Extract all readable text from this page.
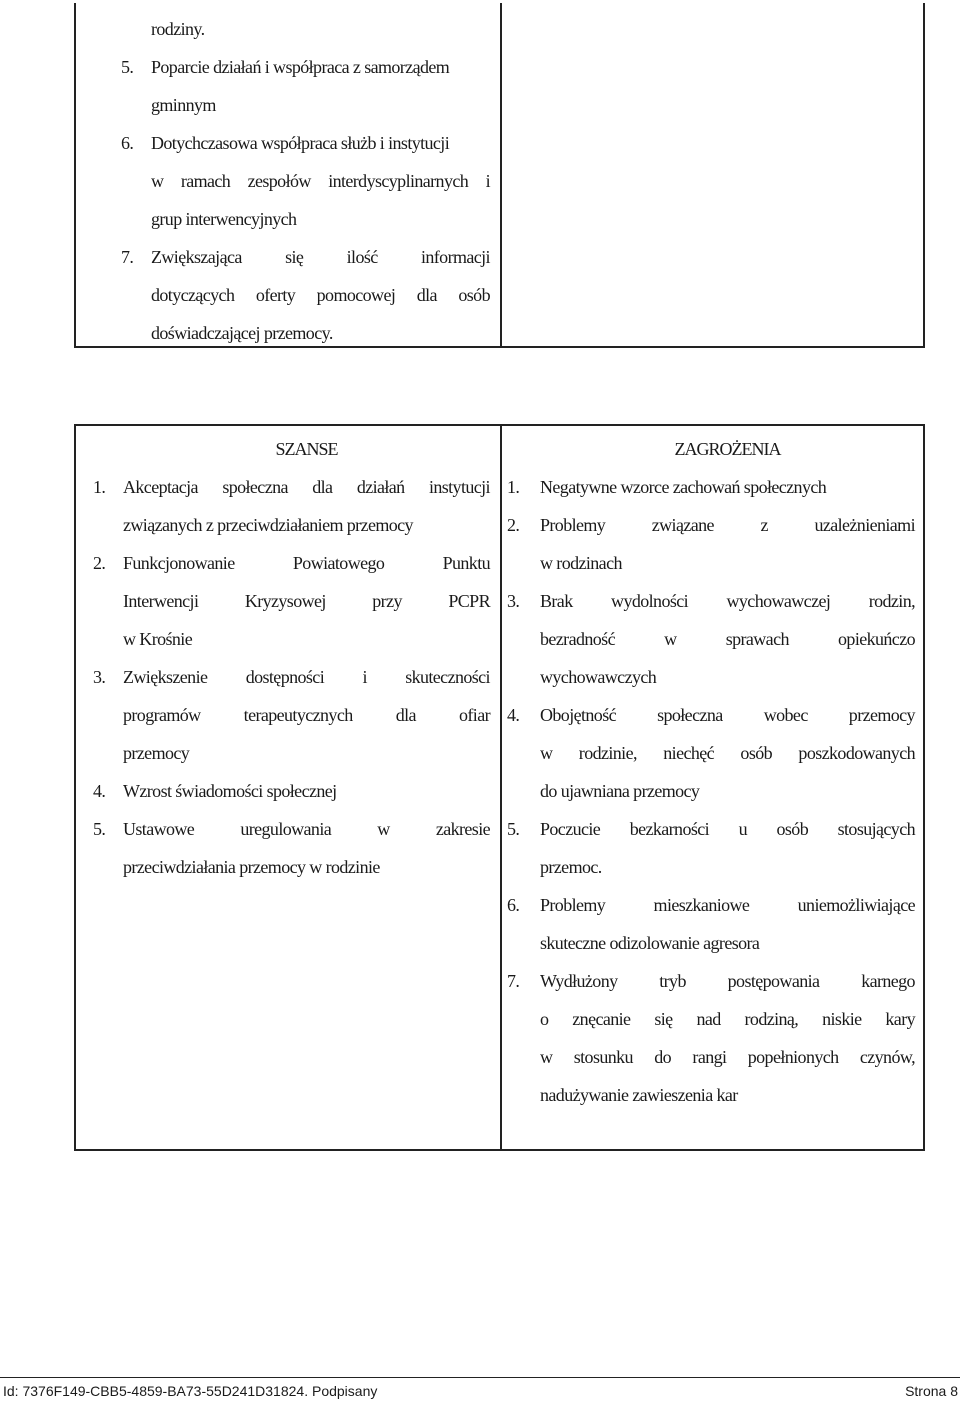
rodziny.
5. Poparcie działań i współpraca z samorządem
gminnym
6. Dotychczasowa współpraca służb i instytucji
w ramach zespołów interdyscyplinarnych i
grup interwencyjnych
7. Zwiększająca się ilość informacji
dotyczących oferty pomocowej dla osób
doświadczającej przemocy.
SZANSE
1. Akceptacja społeczna dla działań instytucji
związanych z przeciwdziałaniem przemocy
2. Funkcjonowanie	Powiatowego	Punktu
Interwencji	Kryzysowej	przy	PCPR
w Krośnie
3. Zwiększenie dostępności i skuteczności
programów terapeutycznych dla ofiar
przemocy
4. Wzrost świadomości społecznej
5. Ustawowe	uregulowania	w	zakresie
przeciwdziałania przemocy w rodzinie
ZAGROŻENIA
1. Negatywne wzorce zachowań społecznych
2. Problemy	związane	z	uzależnieniami
w rodzinach
3. Brak wydolności wychowawczej rodzin,
bezradność	w	sprawach	opiekuńczo
wychowawczych
4. Obojętność społeczna wobec przemocy
w rodzinie, niechęć osób poszkodowanych
do ujawniana przemocy
5. Poczucie bezkarności u osób stosujących
przemoc.
6. Problemy	mieszkaniowe	uniemożliwiające
skuteczne odizolowanie agresora
7. Wydłużony tryb postępowania karnego
o znęcanie się nad rodziną, niskie kary
w stosunku do rangi popełnionych czynów,
nadużywanie zawieszenia kar
Id: 7376F149-CBB5-4859-BA73-55D241D31824. Podpisany	Strona 8
